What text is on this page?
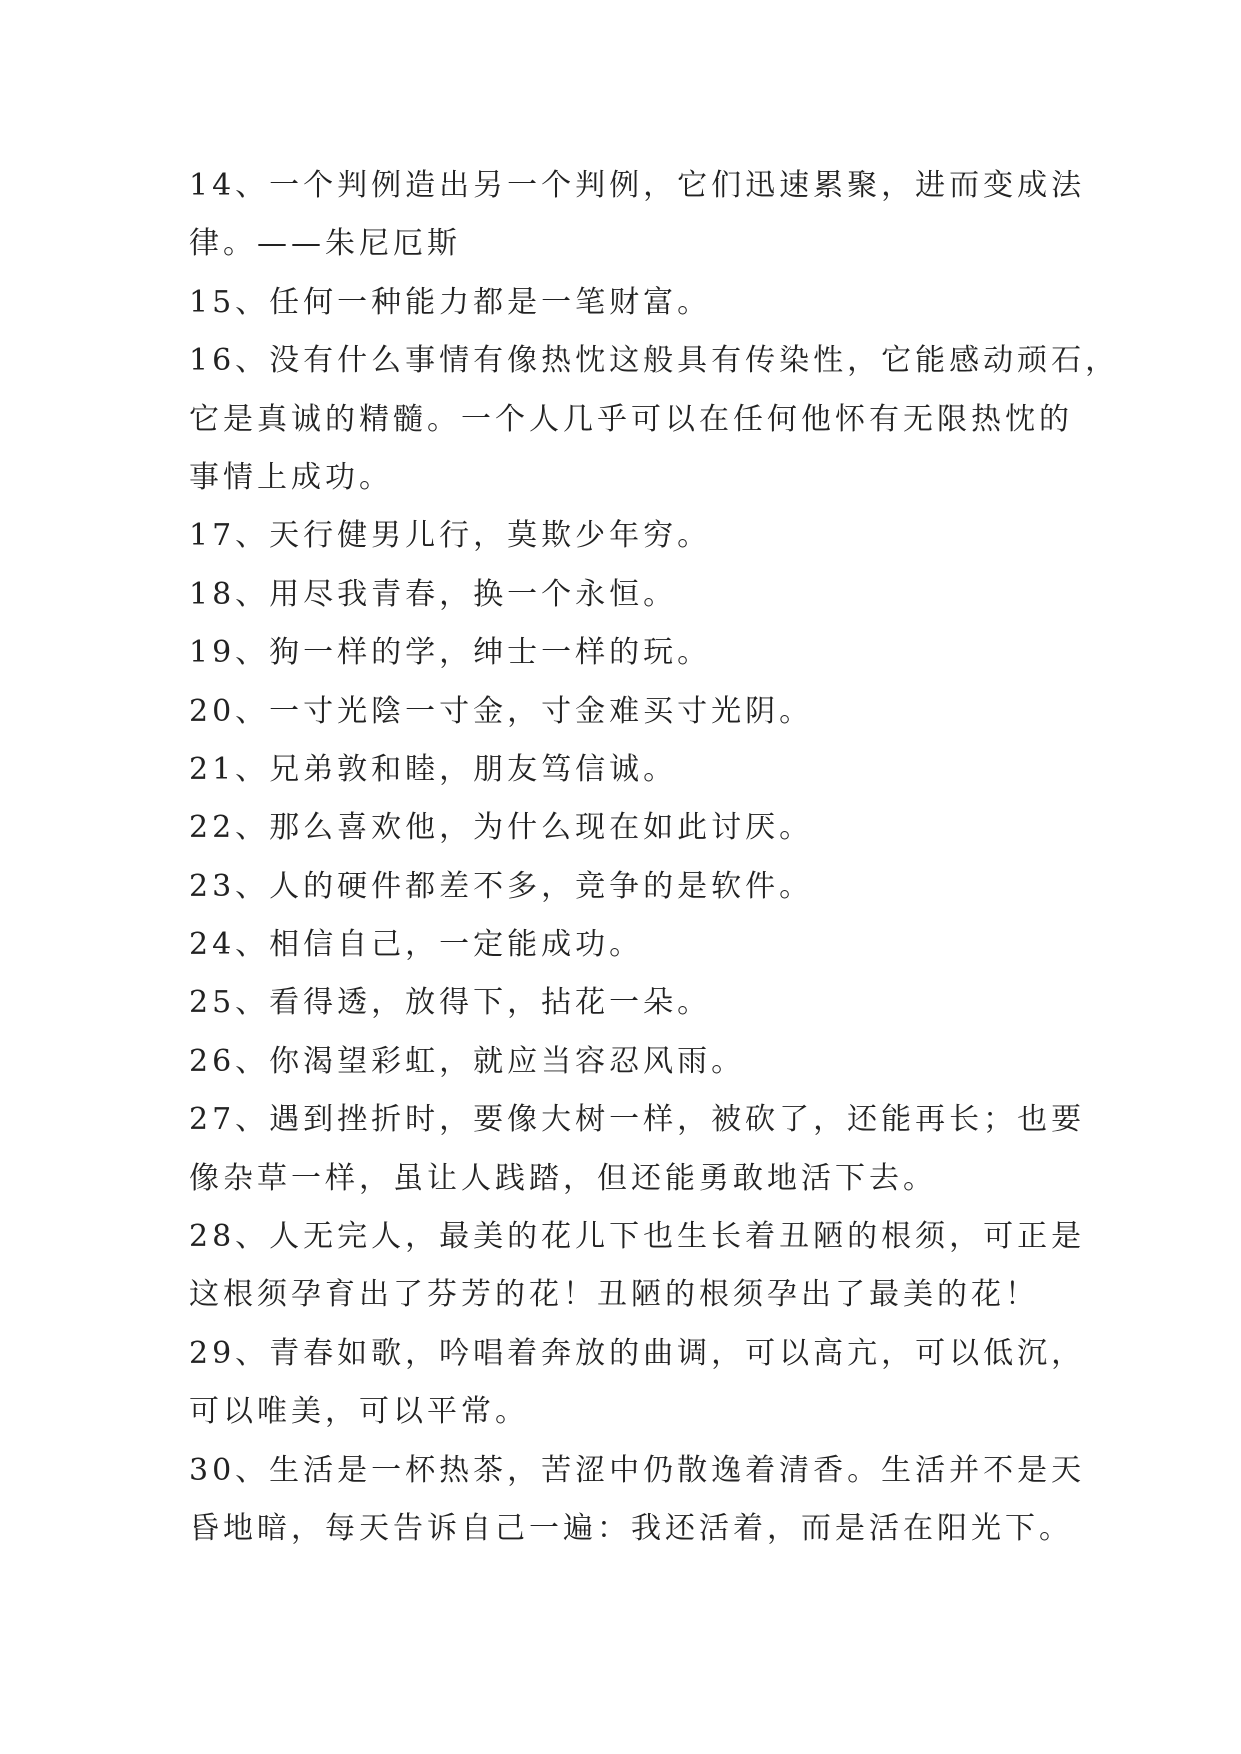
14、一个判例造出另一个判例，它们迅速累聚，进而变成法
律。——朱尼厄斯
15、任何一种能力都是一笔财富。
16、没有什么事情有像热忱这般具有传染性，它能感动顽石，
它是真诚的精髓。一个人几乎可以在任何他怀有无限热忱的
事情上成功。
17、天行健男儿行，莫欺少年穷。
18、用尽我青春，换一个永恒。
19、狗一样的学，绅士一样的玩。
20、一寸光陰一寸金，寸金难买寸光阴。
21、兄弟敦和睦，朋友笃信诚。
22、那么喜欢他，为什么现在如此讨厌。
23、人的硬件都差不多，竞争的是软件。
24、相信自己，一定能成功。
25、看得透，放得下，拈花一朵。
26、你渴望彩虹，就应当容忍风雨。
27、遇到挫折时，要像大树一样，被砍了，还能再长；也要
像杂草一样，虽让人践踏，但还能勇敢地活下去。
28、人无完人，最美的花儿下也生长着丑陋的根须，可正是
这根须孕育出了芬芳的花！丑陋的根须孕出了最美的花！
29、青春如歌，吟唱着奔放的曲调，可以高亢，可以低沉，
可以唯美，可以平常。
30、生活是一杯热茶，苦涩中仍散逸着清香。生活并不是天
昏地暗，每天告诉自己一遍：我还活着，而是活在阳光下。
